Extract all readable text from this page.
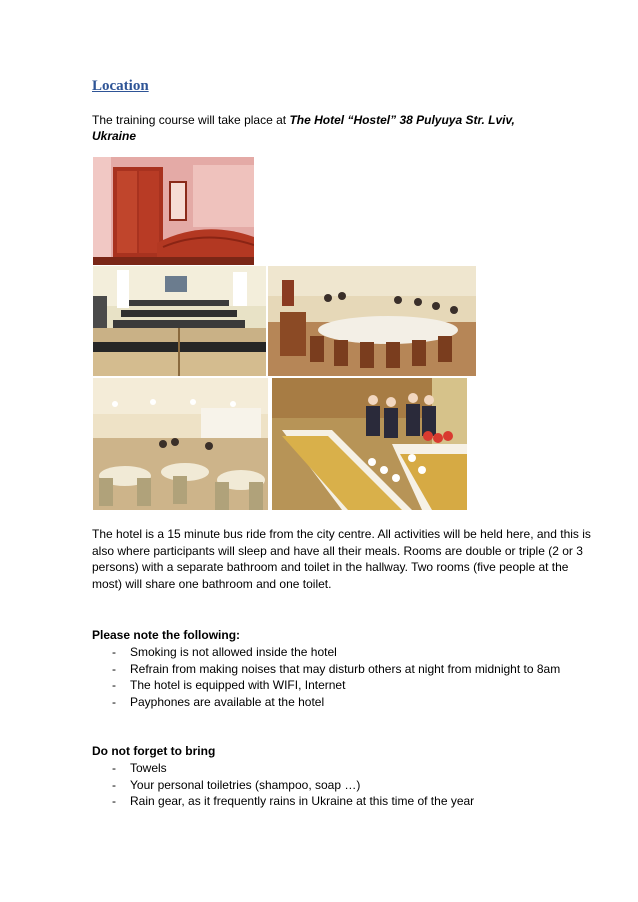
Location

The training course will take place at The Hotel “Hostel” 38 Pulyuya Str. Lviv, Ukraine

The hotel is a 15 minute bus ride from the city centre. All activities will be held here, and this is also where participants will sleep and have all their meals. Rooms are double or triple (2 or 3 persons) with a separate bathroom and toilet in the hallway. Two rooms (five people at the most) will share one bathroom and one toilet.

Please note the following:

- Smoking is not allowed inside the hotel
- Refrain from making noises that may disturb others at night from midnight to 8am
- The hotel is equipped with WIFI, Internet
- Payphones are available at the hotel

Do not forget to bring

- Towels
- Your personal toiletries (shampoo, soap …)
- Rain gear, as it frequently rains in Ukraine at this time of the year
